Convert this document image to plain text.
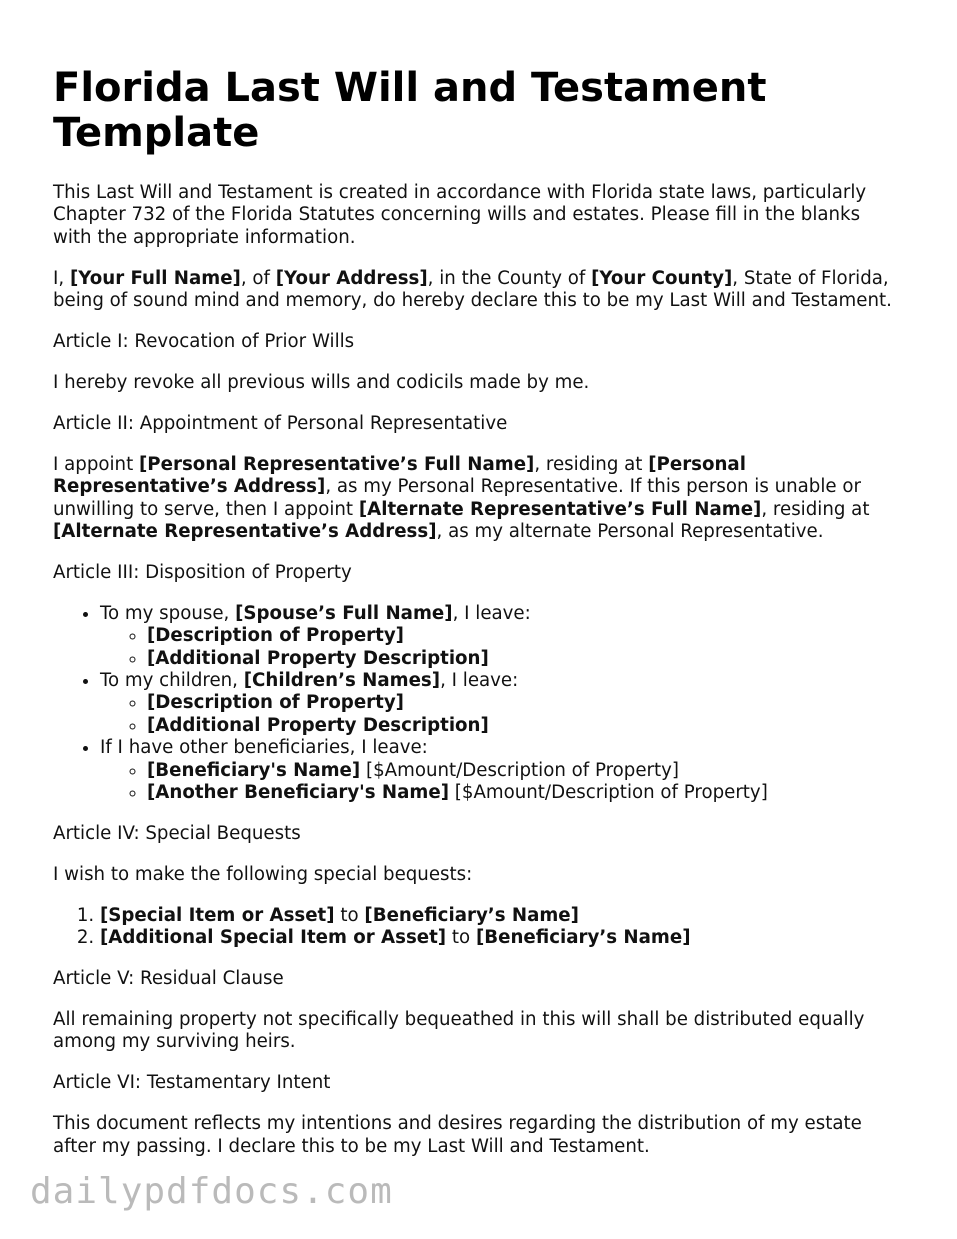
Florida Last Will and Testament Template

This Last Will and Testament is created in accordance with Florida state laws, particularly Chapter 732 of the Florida Statutes concerning wills and estates. Please fill in the blanks with the appropriate information.

I, [Your Full Name], of [Your Address], in the County of [Your County], State of Florida, being of sound mind and memory, do hereby declare this to be my Last Will and Testament.

Article I: Revocation of Prior Wills

I hereby revoke all previous wills and codicils made by me.

Article II: Appointment of Personal Representative

I appoint [Personal Representative’s Full Name], residing at [Personal Representative’s Address], as my Personal Representative. If this person is unable or unwilling to serve, then I appoint [Alternate Representative’s Full Name], residing at [Alternate Representative’s Address], as my alternate Personal Representative.

Article III: Disposition of Property

• To my spouse, [Spouse’s Full Name], I leave:
◦ [Description of Property]
◦ [Additional Property Description]
• To my children, [Children’s Names], I leave:
◦ [Description of Property]
◦ [Additional Property Description]
• If I have other beneficiaries, I leave:
◦ [Beneficiary's Name] [$Amount/Description of Property]
◦ [Another Beneficiary's Name] [$Amount/Description of Property]

Article IV: Special Bequests

I wish to make the following special bequests:

1. [Special Item or Asset] to [Beneficiary’s Name]
2. [Additional Special Item or Asset] to [Beneficiary’s Name]

Article V: Residual Clause

All remaining property not specifically bequeathed in this will shall be distributed equally among my surviving heirs.

Article VI: Testamentary Intent

This document reflects my intentions and desires regarding the distribution of my estate after my passing. I declare this to be my Last Will and Testament.

dailypdfdocs.com
